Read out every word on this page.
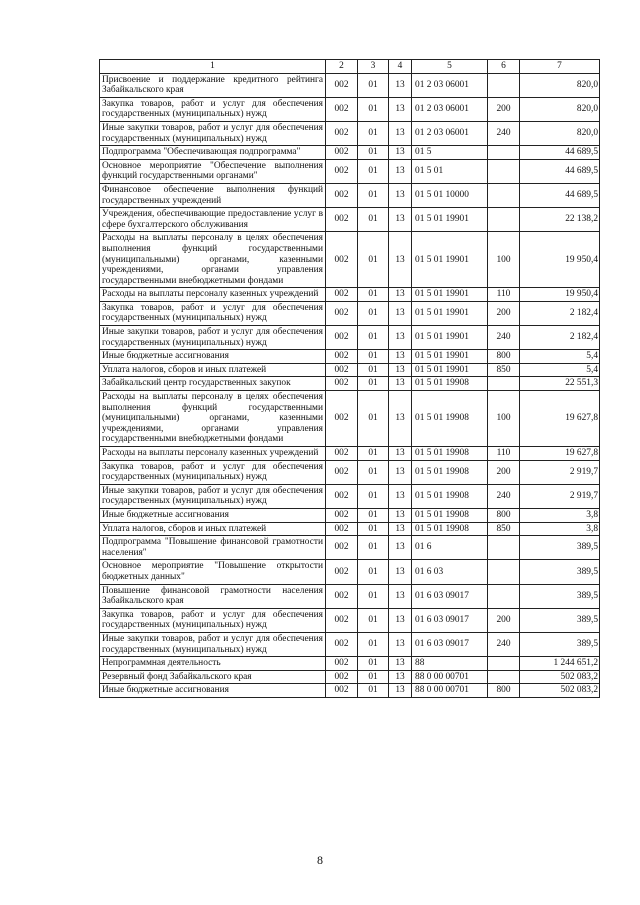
1	2	3	4	5	6	7
Присвоение и поддержание кредитного рейтинга Забайкальского края	002	01	13	01 2 03 06001		820,0
Закупка товаров, работ и услуг для обеспечения государственных (муниципальных) нужд	002	01	13	01 2 03 06001	200	820,0
Иные закупки товаров, работ и услуг для обеспечения государственных (муниципальных) нужд	002	01	13	01 2 03 06001	240	820,0
Подпрограмма "Обеспечивающая подпрограмма"	002	01	13	01 5		44 689,5
Основное мероприятие "Обеспечение выполнения функций государственными органами"	002	01	13	01 5 01		44 689,5
Финансовое обеспечение выполнения функций государственных учреждений	002	01	13	01 5 01 10000		44 689,5
Учреждения, обеспечивающие предоставление услуг в сфере бухгалтерского обслуживания	002	01	13	01 5 01 19901		22 138,2
Расходы на выплаты персоналу в целях обеспечения выполнения функций государственными (муниципальными) органами, казенными учреждениями, органами управления государственными внебюджетными фондами	002	01	13	01 5 01 19901	100	19 950,4
Расходы на выплаты персоналу казенных учреждений	002	01	13	01 5 01 19901	110	19 950,4
Закупка товаров, работ и услуг для обеспечения государственных (муниципальных) нужд	002	01	13	01 5 01 19901	200	2 182,4
Иные закупки товаров, работ и услуг для обеспечения государственных (муниципальных) нужд	002	01	13	01 5 01 19901	240	2 182,4
Иные бюджетные ассигнования	002	01	13	01 5 01 19901	800	5,4
Уплата налогов, сборов и иных платежей	002	01	13	01 5 01 19901	850	5,4
Забайкальский центр государственных закупок	002	01	13	01 5 01 19908		22 551,3
Расходы на выплаты персоналу в целях обеспечения выполнения функций государственными (муниципальными) органами, казенными учреждениями, органами управления государственными внебюджетными фондами	002	01	13	01 5 01 19908	100	19 627,8
Расходы на выплаты персоналу казенных учреждений	002	01	13	01 5 01 19908	110	19 627,8
Закупка товаров, работ и услуг для обеспечения государственных (муниципальных) нужд	002	01	13	01 5 01 19908	200	2 919,7
Иные закупки товаров, работ и услуг для обеспечения государственных (муниципальных) нужд	002	01	13	01 5 01 19908	240	2 919,7
Иные бюджетные ассигнования	002	01	13	01 5 01 19908	800	3,8
Уплата налогов, сборов и иных платежей	002	01	13	01 5 01 19908	850	3,8
Подпрограмма "Повышение финансовой грамотности населения"	002	01	13	01 6		389,5
Основное мероприятие "Повышение открытости бюджетных данных"	002	01	13	01 6 03		389,5
Повышение финансовой грамотности населения Забайкальского края	002	01	13	01 6 03 09017		389,5
Закупка товаров, работ и услуг для обеспечения государственных (муниципальных) нужд	002	01	13	01 6 03 09017	200	389,5
Иные закупки товаров, работ и услуг для обеспечения государственных (муниципальных) нужд	002	01	13	01 6 03 09017	240	389,5
Непрограммная деятельность	002	01	13	88		1 244 651,2
Резервный фонд Забайкальского края	002	01	13	88 0 00 00701		502 083,2
Иные бюджетные ассигнования	002	01	13	88 0 00 00701	800	502 083,2
8
